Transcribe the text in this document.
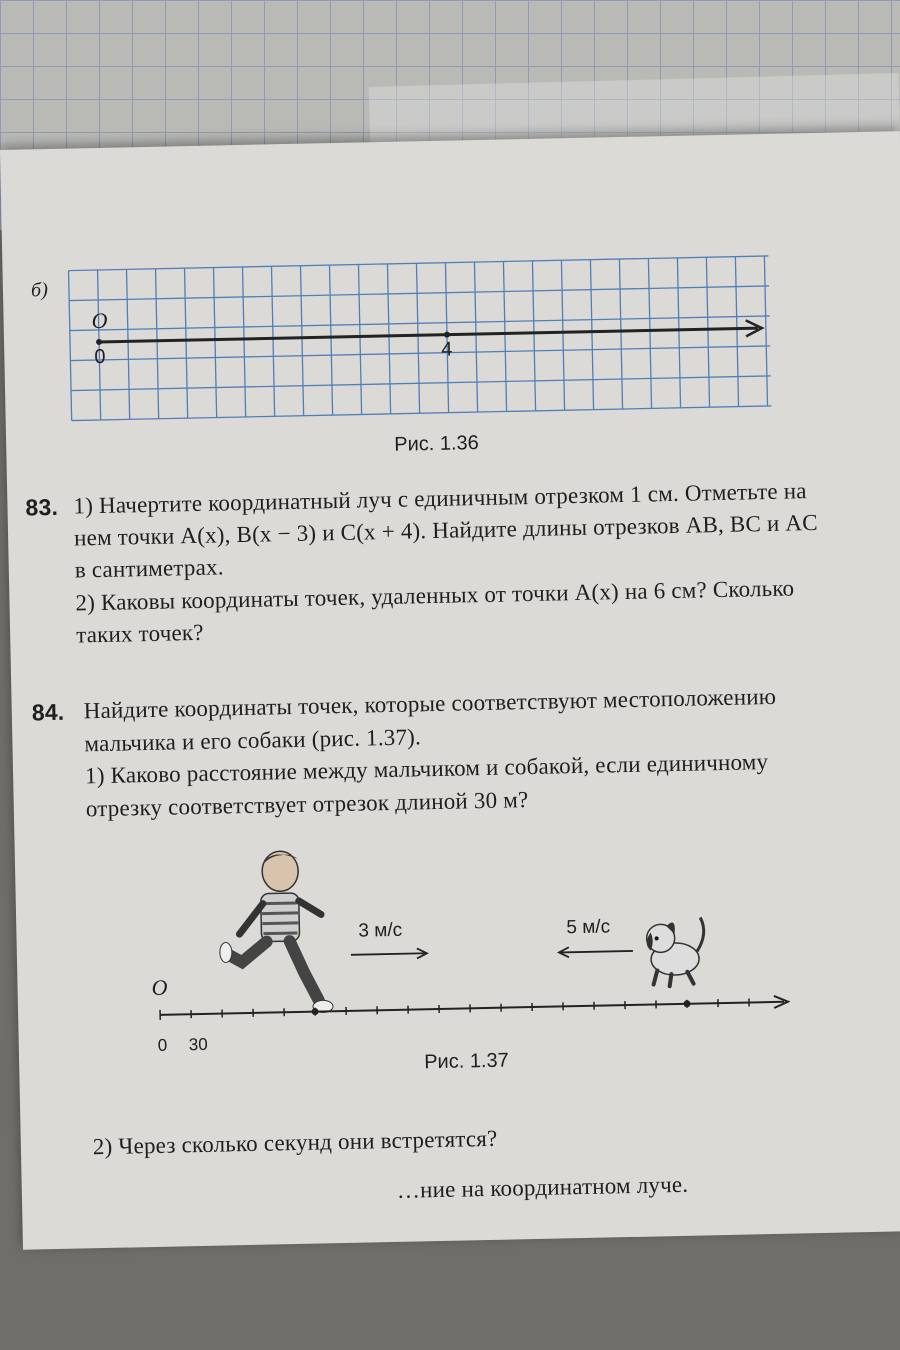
б)
O
0	4
Рис. 1.36
83. 1) Начертите координатный луч с единичным отрезком 1 см. Отметьте на
нем точки A(x), B(x − 3) и C(x + 4). Найдите длины отрезков AB, BC и AC
в сантиметрах.
2) Каковы координаты точек, удаленных от точки A(x) на 6 см? Сколько
таких точек?
84. Найдите координаты точек, которые соответствуют местоположению
мальчика и его собаки (рис. 1.37).
1) Каково расстояние между мальчиком и собакой, если единичному
отрезку соответствует отрезок длиной 30 м?
3 м/с	5 м/с
O
0 30
Рис. 1.37
2) Через сколько секунд они встретятся?
…ние на координатном луче.
